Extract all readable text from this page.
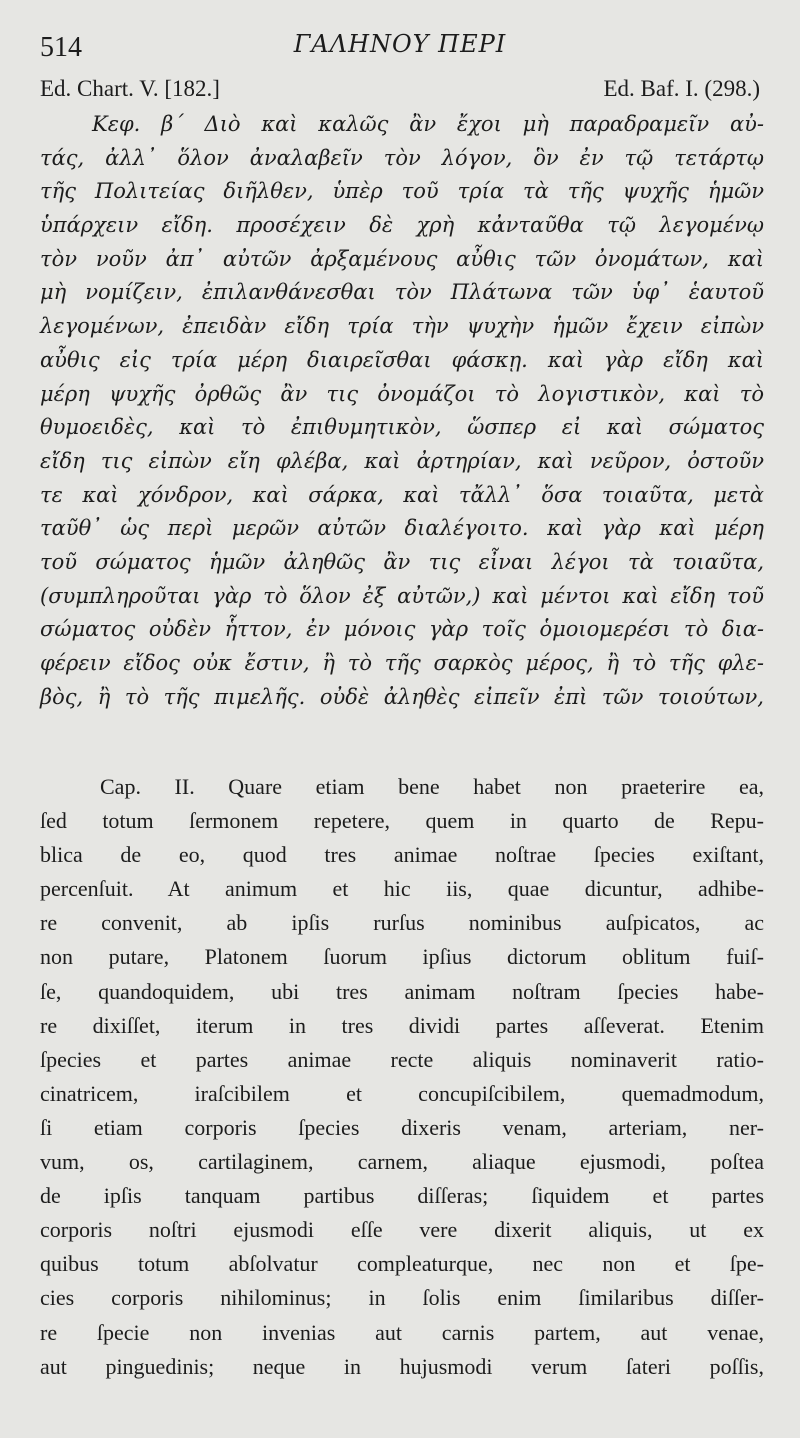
514	ΓΑΛΗΝΟΥ ΠΕΡΙ
Ed. Chart. V. [182.]	Ed. Baf. I. (298.)
Κεφ. β΄ Διὸ καὶ καλῶς ἂν ἔχοι μὴ παραδραμεῖν αὐ-
τάς, ἀλλ᾽ ὅλον ἀναλαβεῖν τὸν λόγον, ὃν ἐν τῷ τετάρτῳ
τῆς Πολιτείας διῆλθεν, ὑπὲρ τοῦ τρία τὰ τῆς ψυχῆς ἡμῶν
ὑπάρχειν εἴδη. προσέχειν δὲ χρὴ κἀνταῦθα τῷ λεγομένῳ
τὸν νοῦν ἀπ᾽ αὐτῶν ἀρξαμένους αὖθις τῶν ὀνομάτων, καὶ
μὴ νομίζειν, ἐπιλανθάνεσθαι τὸν Πλάτωνα τῶν ὑφ᾽ ἑαυτοῦ
λεγομένων, ἐπειδὰν εἴδη τρία τὴν ψυχὴν ἡμῶν ἔχειν εἰπὼν
αὖθις εἰς τρία μέρη διαιρεῖσθαι φάσκῃ. καὶ γὰρ εἴδη καὶ
μέρη ψυχῆς ὀρθῶς ἂν τις ὀνομάζοι τὸ λογιστικὸν, καὶ τὸ
θυμοειδὲς, καὶ τὸ ἐπιθυμητικὸν, ὥσπερ εἰ καὶ σώματος
εἴδη τις εἰπὼν εἴη φλέβα, καὶ ἀρτηρίαν, καὶ νεῦρον, ὀστοῦν
τε καὶ χόνδρον, καὶ σάρκα, καὶ τἄλλ᾽ ὅσα τοιαῦτα, μετὰ
ταῦθ᾽ ὡς περὶ μερῶν αὐτῶν διαλέγοιτο. καὶ γὰρ καὶ μέρη
τοῦ σώματος ἡμῶν ἀληθῶς ἂν τις εἶναι λέγοι τὰ τοιαῦτα,
(συμπληροῦται γὰρ τὸ ὅλον ἐξ αὐτῶν,) καὶ μέντοι καὶ εἴδη τοῦ
σώματος οὐδὲν ἧττον, ἐν μόνοις γὰρ τοῖς ὁμοιομερέσι τὸ δια-
φέρειν εἴδος οὐκ ἔστιν, ἢ τὸ τῆς σαρκὸς μέρος, ἢ τὸ τῆς φλε-
βὸς, ἢ τὸ τῆς πιμελῆς. οὐδὲ ἀληθὲς εἰπεῖν ἐπὶ τῶν τοιούτων,
Cap. II. Quare etiam bene habet non praeterire ea,
ſed totum ſermonem repetere, quem in quarto de Repu-
blica de eo, quod tres animae noſtrae ſpecies exiſtant,
percenſuit. At animum et hic iis, quae dicuntur, adhibe-
re convenit, ab ipſis rurſus nominibus auſpicatos, ac
non putare, Platonem ſuorum ipſius dictorum oblitum fuiſ-
ſe, quandoquidem, ubi tres animam noſtram ſpecies habe-
re dixiſſet, iterum in tres dividi partes aſſeverat. Etenim
ſpecies et partes animae recte aliquis nominaverit ratio-
cinatricem, iraſcibilem et concupiſcibilem, quemadmodum,
ſi etiam corporis ſpecies dixeris venam, arteriam, ner-
vum, os, cartilaginem, carnem, aliaque ejusmodi, poſtea
de ipſis tanquam partibus diſſeras; ſiquidem et partes
corporis noſtri ejusmodi eſſe vere dixerit aliquis, ut ex
quibus totum abſolvatur compleaturque, nec non et ſpe-
cies corporis nihilominus; in ſolis enim ſimilaribus diſſer-
re ſpecie non invenias aut carnis partem, aut venae,
aut pinguedinis; neque in hujusmodi verum ſateri poſſis,
